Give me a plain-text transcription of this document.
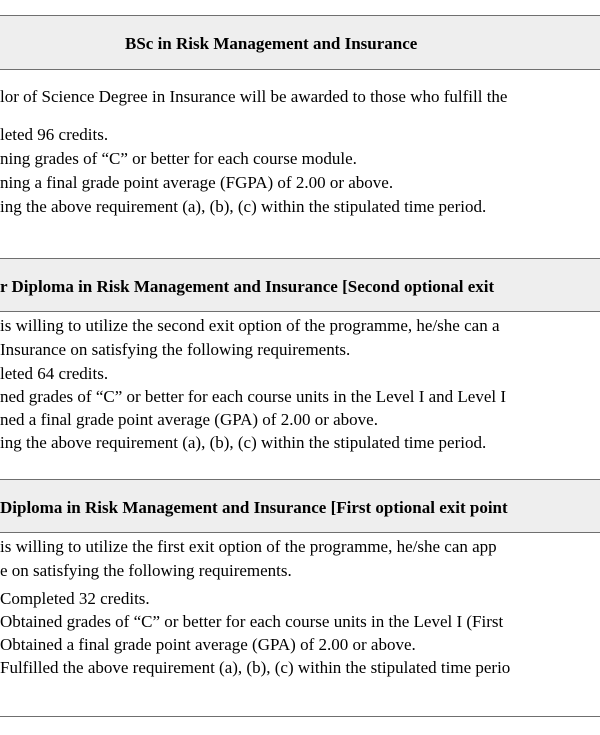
BSc in Risk Management and Insurance
lor of Science Degree in Insurance will be awarded to those who fulfill the
leted 96 credits.
ning grades of “C” or better for each course module.
ning a final grade point average (FGPA) of 2.00 or above.
ing the above requirement (a), (b), (c) within the stipulated time period.
r Diploma in Risk Management and Insurance [Second optional exit
is willing to utilize the second exit option of the programme, he/she can a
Insurance on satisfying the following requirements.
leted 64 credits.
ned grades of “C” or better for each course units in the Level I and Level I
ned a final grade point average (GPA) of 2.00 or above.
ing the above requirement (a), (b), (c) within the stipulated time period.
Diploma in Risk Management and Insurance [First optional exit point
is willing to utilize the first exit option of the programme, he/she can app
e on satisfying the following requirements.
Completed 32 credits.
Obtained grades of “C” or better for each course units in the Level I (First
Obtained a final grade point average (GPA) of 2.00 or above.
Fulfilled the above requirement (a), (b), (c) within the stipulated time perio
